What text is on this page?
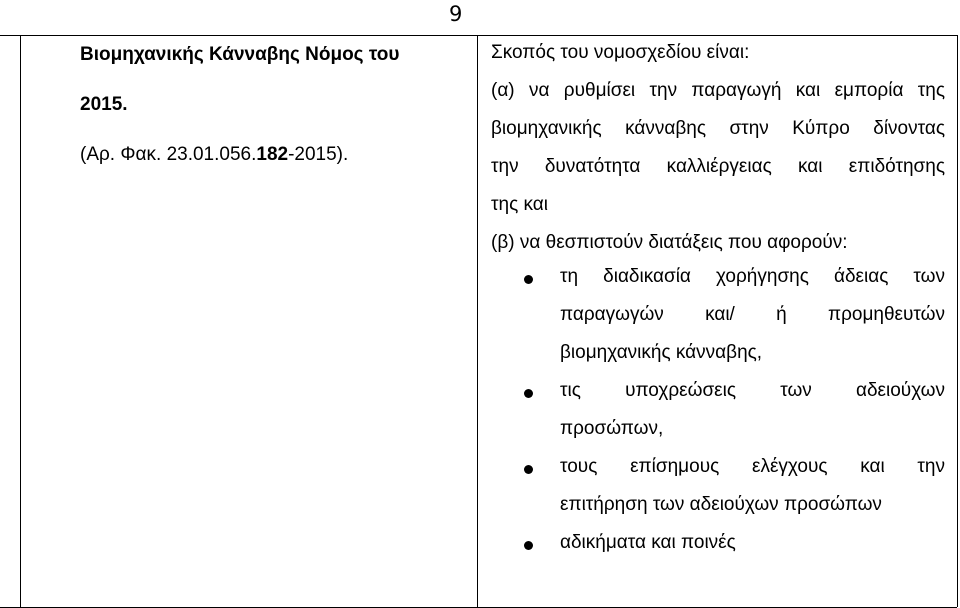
9
Βιομηχανικής Κάνναβης Νόμος του
2015.
(Αρ. Φακ. 23.01.056.182-2015).
Σκοπός του νομοσχεδίου είναι:
(α) να ρυθμίσει την παραγωγή και εμπορία της
βιομηχανικής κάνναβης στην Κύπρο δίνοντας
την δυνατότητα καλλιέργειας και επιδότησης
της και
(β) να θεσπιστούν διατάξεις που αφορούν:
τη διαδικασία χορήγησης άδειας των
παραγωγών και/ ή προμηθευτών
βιομηχανικής κάνναβης,
τις υποχρεώσεις των αδειούχων
προσώπων,
τους επίσημους ελέγχους και την
επιτήρηση των αδειούχων προσώπων
αδικήματα και ποινές
